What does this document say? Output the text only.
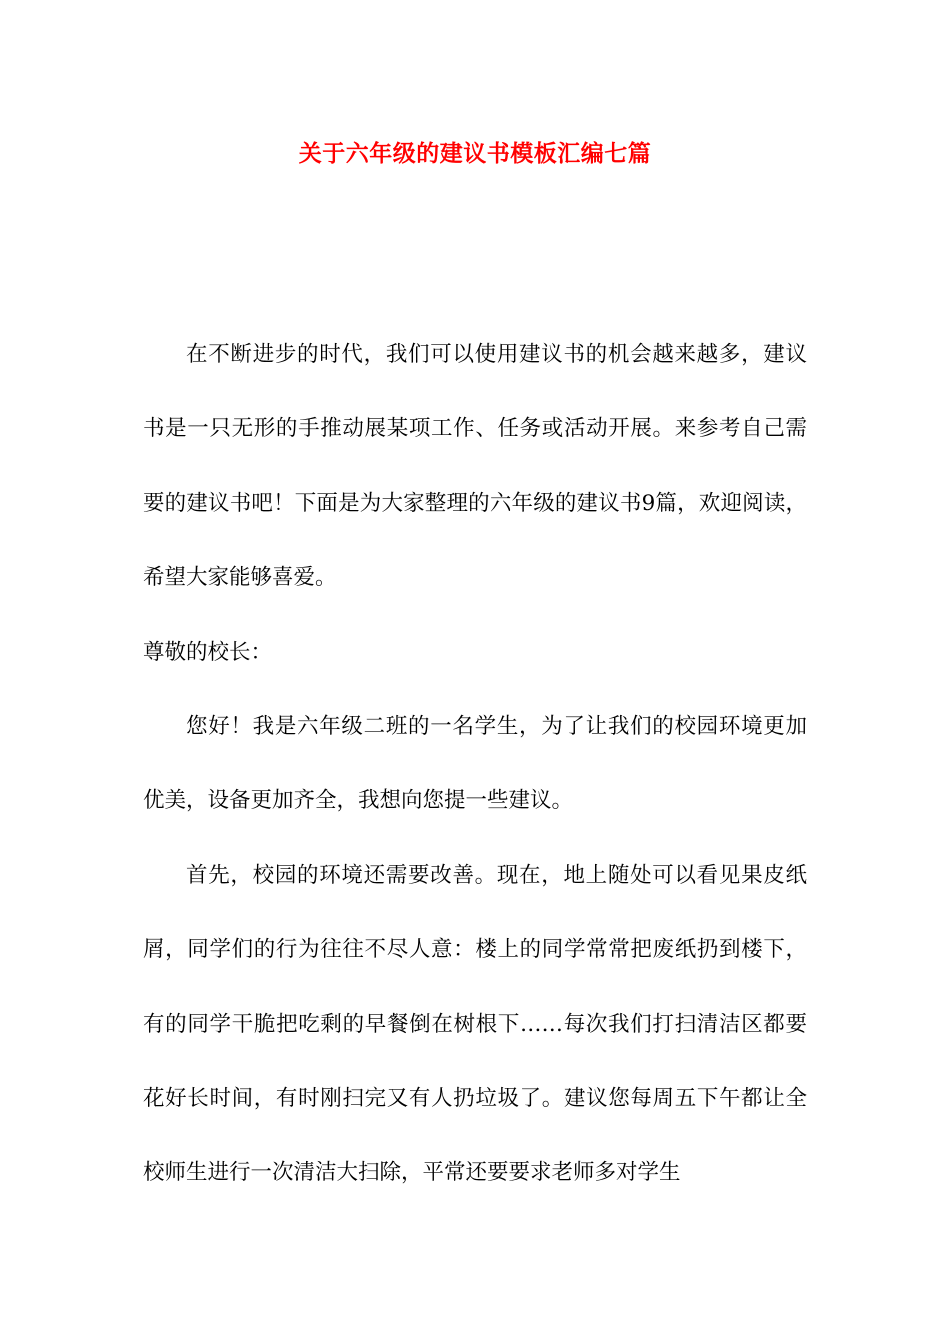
关于六年级的建议书模板汇编七篇

在不断进步的时代，我们可以使用建议书的机会越来越多，建议书是一只无形的手推动展某项工作、任务或活动开展。来参考自己需要的建议书吧！下面是为大家整理的六年级的建议书9篇，欢迎阅读，希望大家能够喜爱。

尊敬的校长：

您好！我是六年级二班的一名学生，为了让我们的校园环境更加优美，设备更加齐全，我想向您提一些建议。

首先，校园的环境还需要改善。现在，地上随处可以看见果皮纸屑，同学们的行为往往不尽人意：楼上的同学常常把废纸扔到楼下，有的同学干脆把吃剩的早餐倒在树根下……每次我们打扫清洁区都要花好长时间，有时刚扫完又有人扔垃圾了。建议您每周五下午都让全校师生进行一次清洁大扫除，平常还要要求老师多对学生
